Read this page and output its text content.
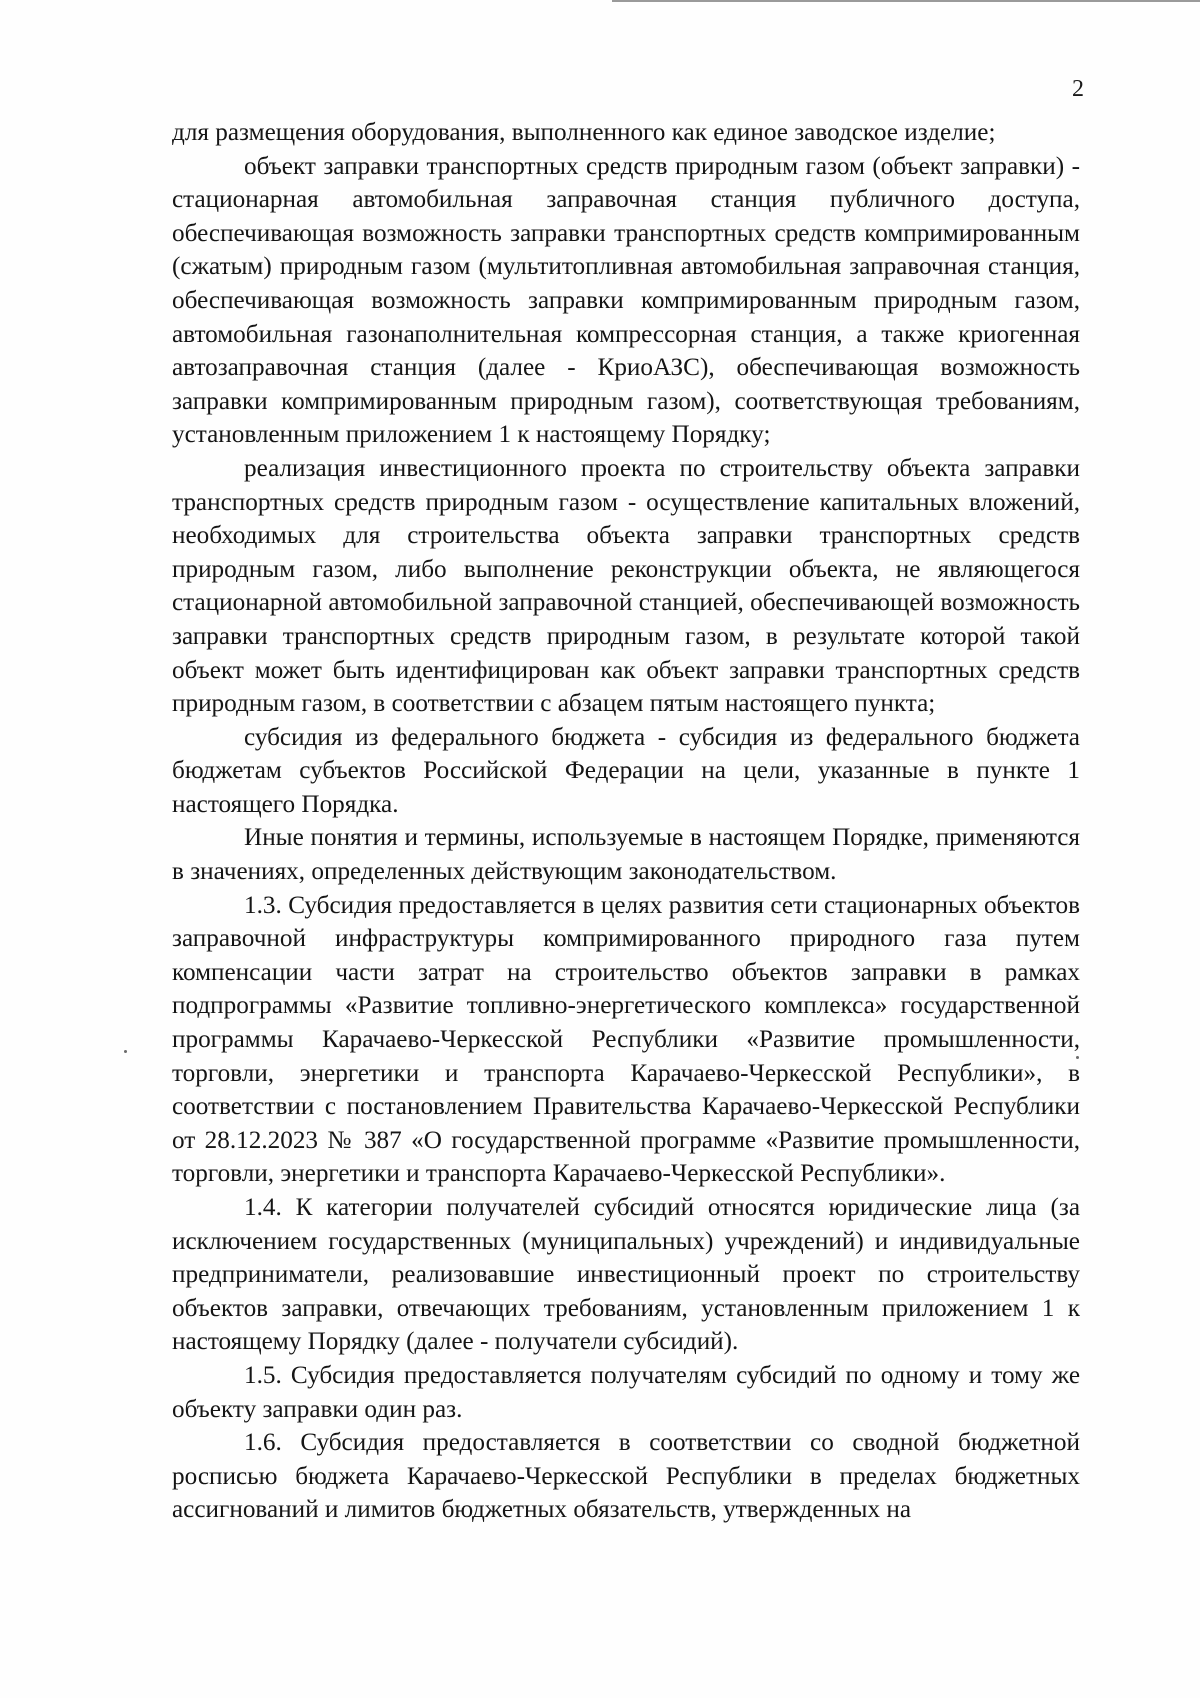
2

для размещения оборудования, выполненного как единое заводское изделие;

объект заправки транспортных средств природным газом (объект заправки) - стационарная автомобильная заправочная станция публичного доступа, обеспечивающая возможность заправки транспортных средств компримированным (сжатым) природным газом (мультитопливная автомобильная заправочная станция, обеспечивающая возможность заправки компримированным природным газом, автомобильная газонаполнительная компрессорная станция, а также криогенная автозаправочная станция (далее - КриоАЗС), обеспечивающая возможность заправки компримированным природным газом), соответствующая требованиям, установленным приложением 1 к настоящему Порядку;

реализация инвестиционного проекта по строительству объекта заправки транспортных средств природным газом - осуществление капитальных вложений, необходимых для строительства объекта заправки транспортных средств природным газом, либо выполнение реконструкции объекта, не являющегося стационарной автомобильной заправочной станцией, обеспечивающей возможность заправки транспортных средств природным газом, в результате которой такой объект может быть идентифицирован как объект заправки транспортных средств природным газом, в соответствии с абзацем пятым настоящего пункта;

субсидия из федерального бюджета - субсидия из федерального бюджета бюджетам субъектов Российской Федерации на цели, указанные в пункте 1 настоящего Порядка.

Иные понятия и термины, используемые в настоящем Порядке, применяются в значениях, определенных действующим законодательством.

1.3. Субсидия предоставляется в целях развития сети стационарных объектов заправочной инфраструктуры компримированного природного газа путем компенсации части затрат на строительство объектов заправки в рамках подпрограммы «Развитие топливно-энергетического комплекса» государственной программы Карачаево-Черкесской Республики «Развитие промышленности, торговли, энергетики и транспорта Карачаево-Черкесской Республики», в соответствии с постановлением Правительства Карачаево-Черкесской Республики от 28.12.2023 № 387 «О государственной программе «Развитие промышленности, торговли, энергетики и транспорта Карачаево-Черкесской Республики».

1.4. К категории получателей субсидий относятся юридические лица (за исключением государственных (муниципальных) учреждений) и индивидуальные предприниматели, реализовавшие инвестиционный проект по строительству объектов заправки, отвечающих требованиям, установленным приложением 1 к настоящему Порядку (далее - получатели субсидий).

1.5. Субсидия предоставляется получателям субсидий по одному и тому же объекту заправки один раз.

1.6. Субсидия предоставляется в соответствии со сводной бюджетной росписью бюджета Карачаево-Черкесской Республики в пределах бюджетных ассигнований и лимитов бюджетных обязательств, утвержденных на
